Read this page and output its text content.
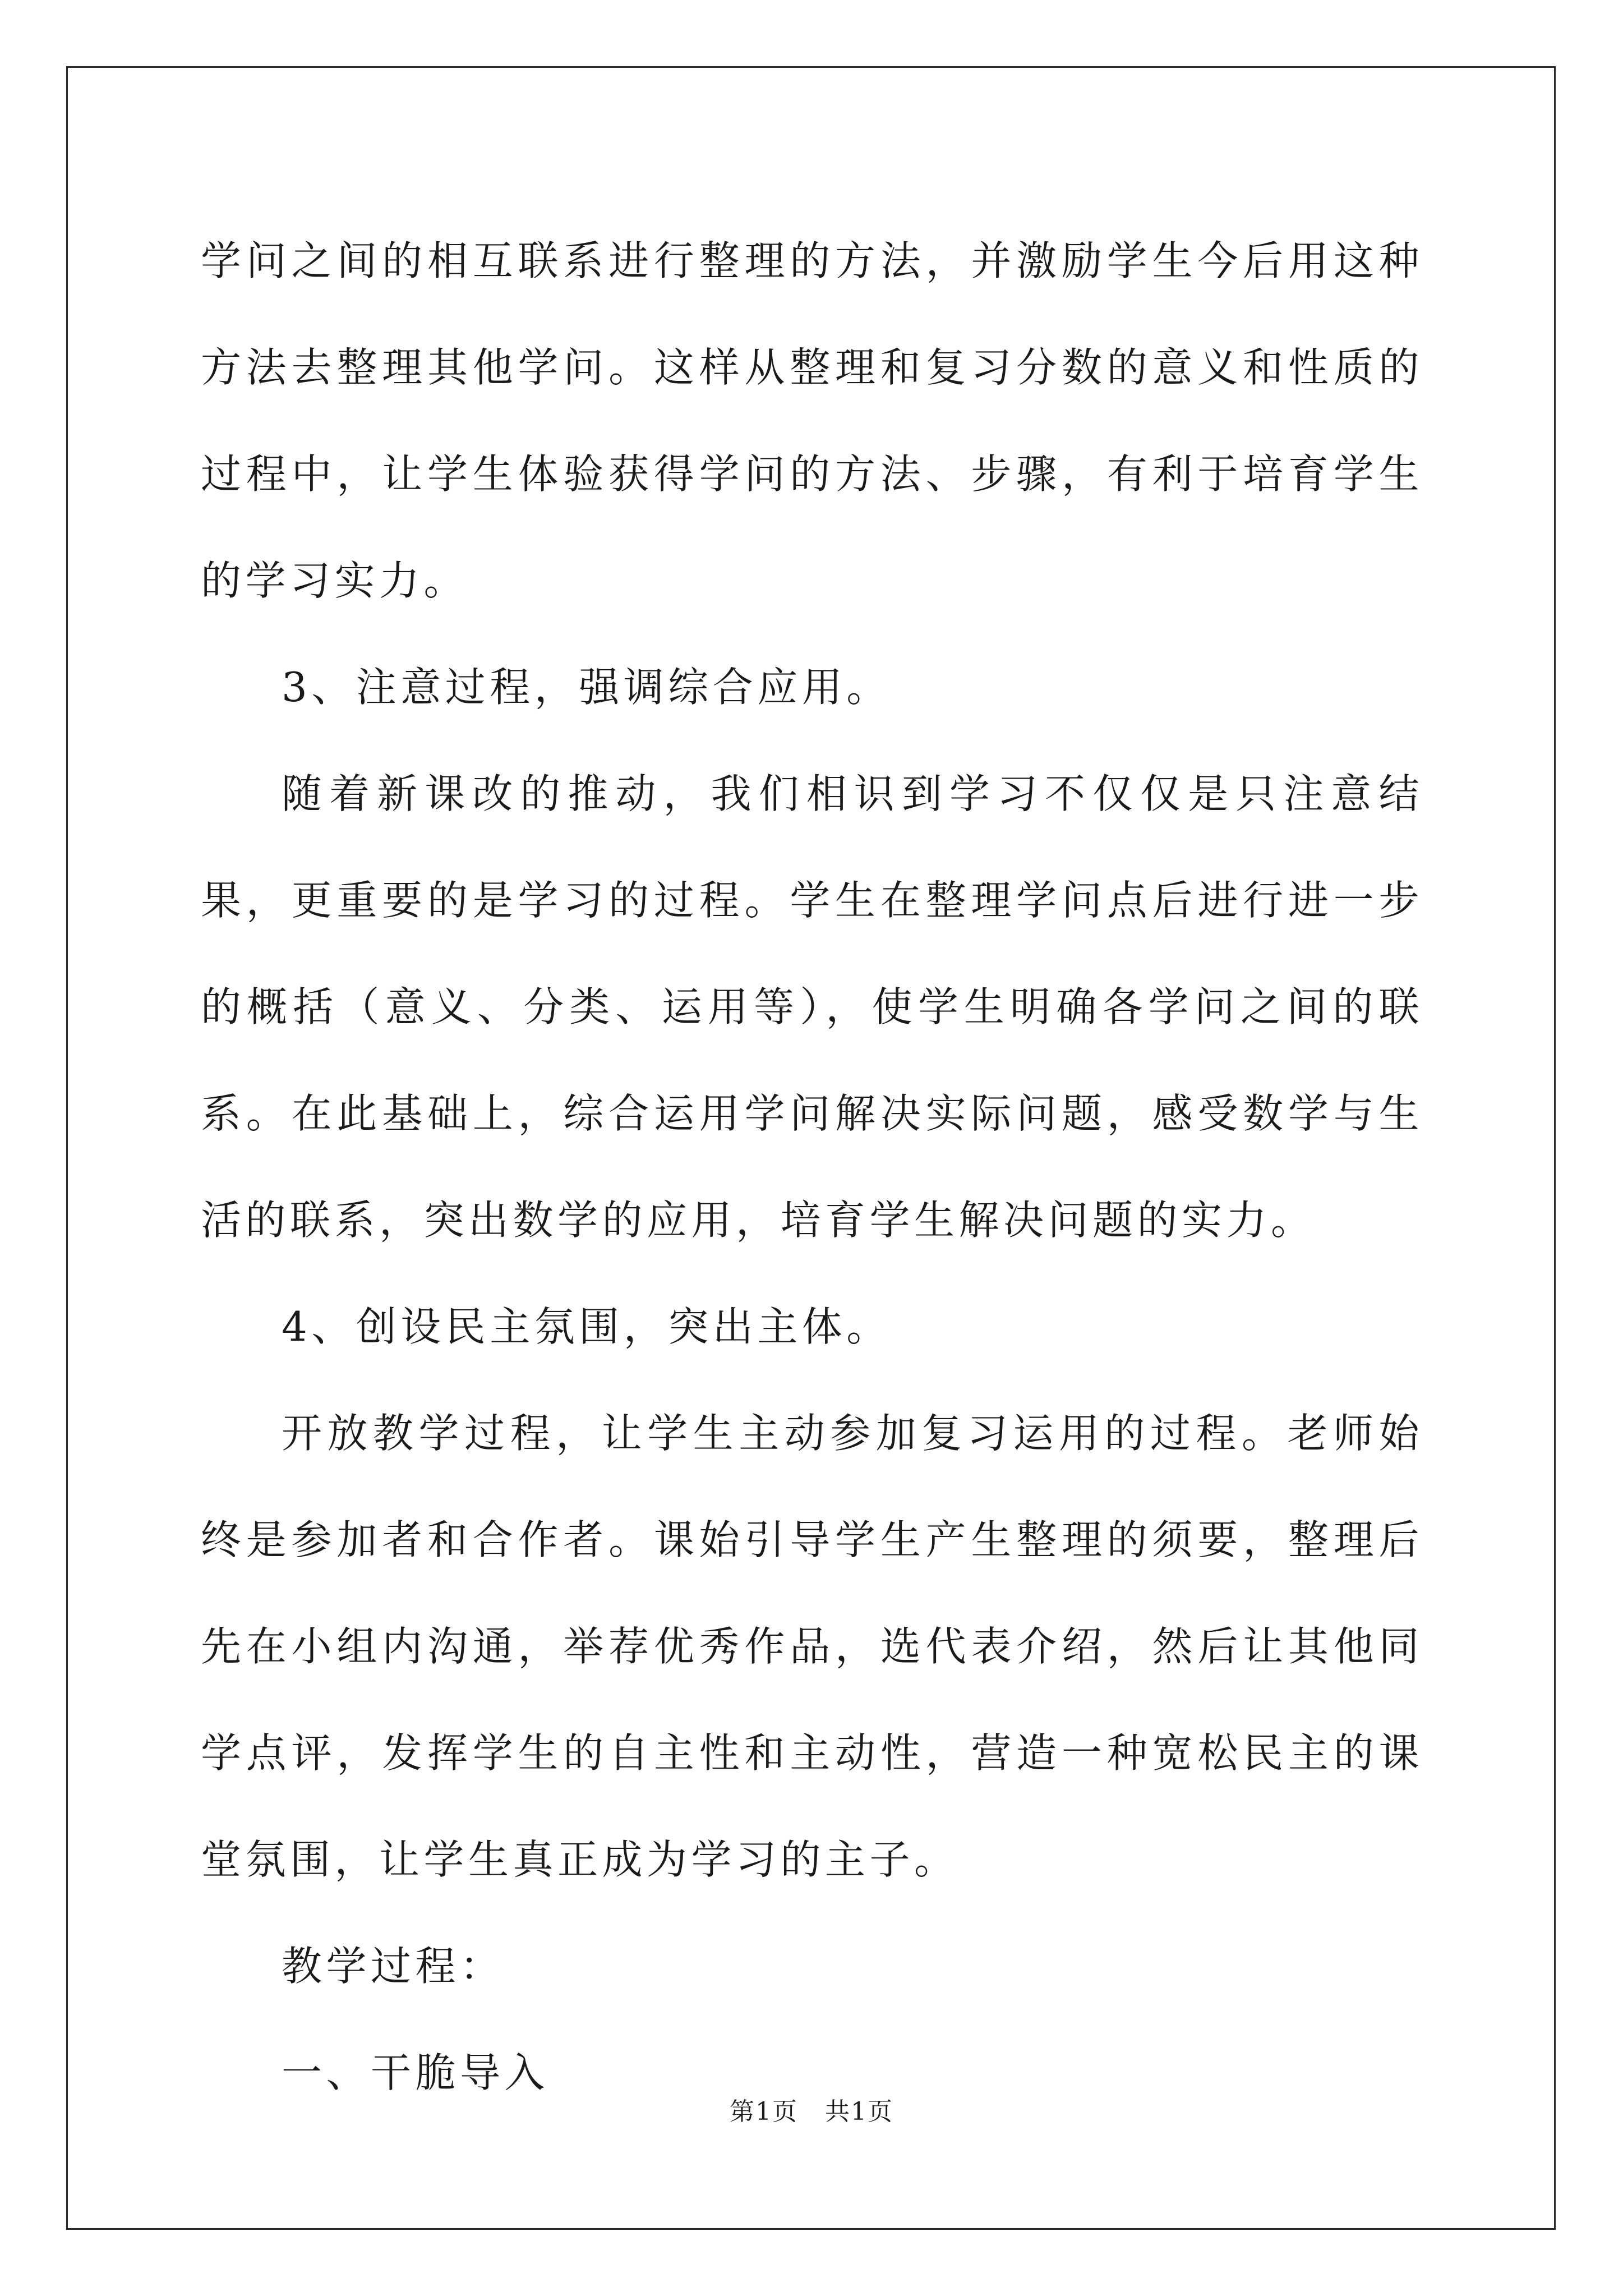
学问之间的相互联系进行整理的方法，并激励学生今后用这种方法去整理其他学问。这样从整理和复习分数的意义和性质的过程中，让学生体验获得学问的方法、步骤，有利于培育学生的学习实力。

3、注意过程，强调综合应用。

随着新课改的推动，我们相识到学习不仅仅是只注意结果，更重要的是学习的过程。学生在整理学问点后进行进一步的概括（意义、分类、运用等），使学生明确各学问之间的联系。在此基础上，综合运用学问解决实际问题，感受数学与生活的联系，突出数学的应用，培育学生解决问题的实力。

4、创设民主氛围，突出主体。

开放教学过程，让学生主动参加复习运用的过程。老师始终是参加者和合作者。课始引导学生产生整理的须要，整理后先在小组内沟通，举荐优秀作品，选代表介绍，然后让其他同学点评，发挥学生的自主性和主动性，营造一种宽松民主的课堂氛围，让学生真正成为学习的主子。

教学过程：

一、干脆导入

第1页 共1页
